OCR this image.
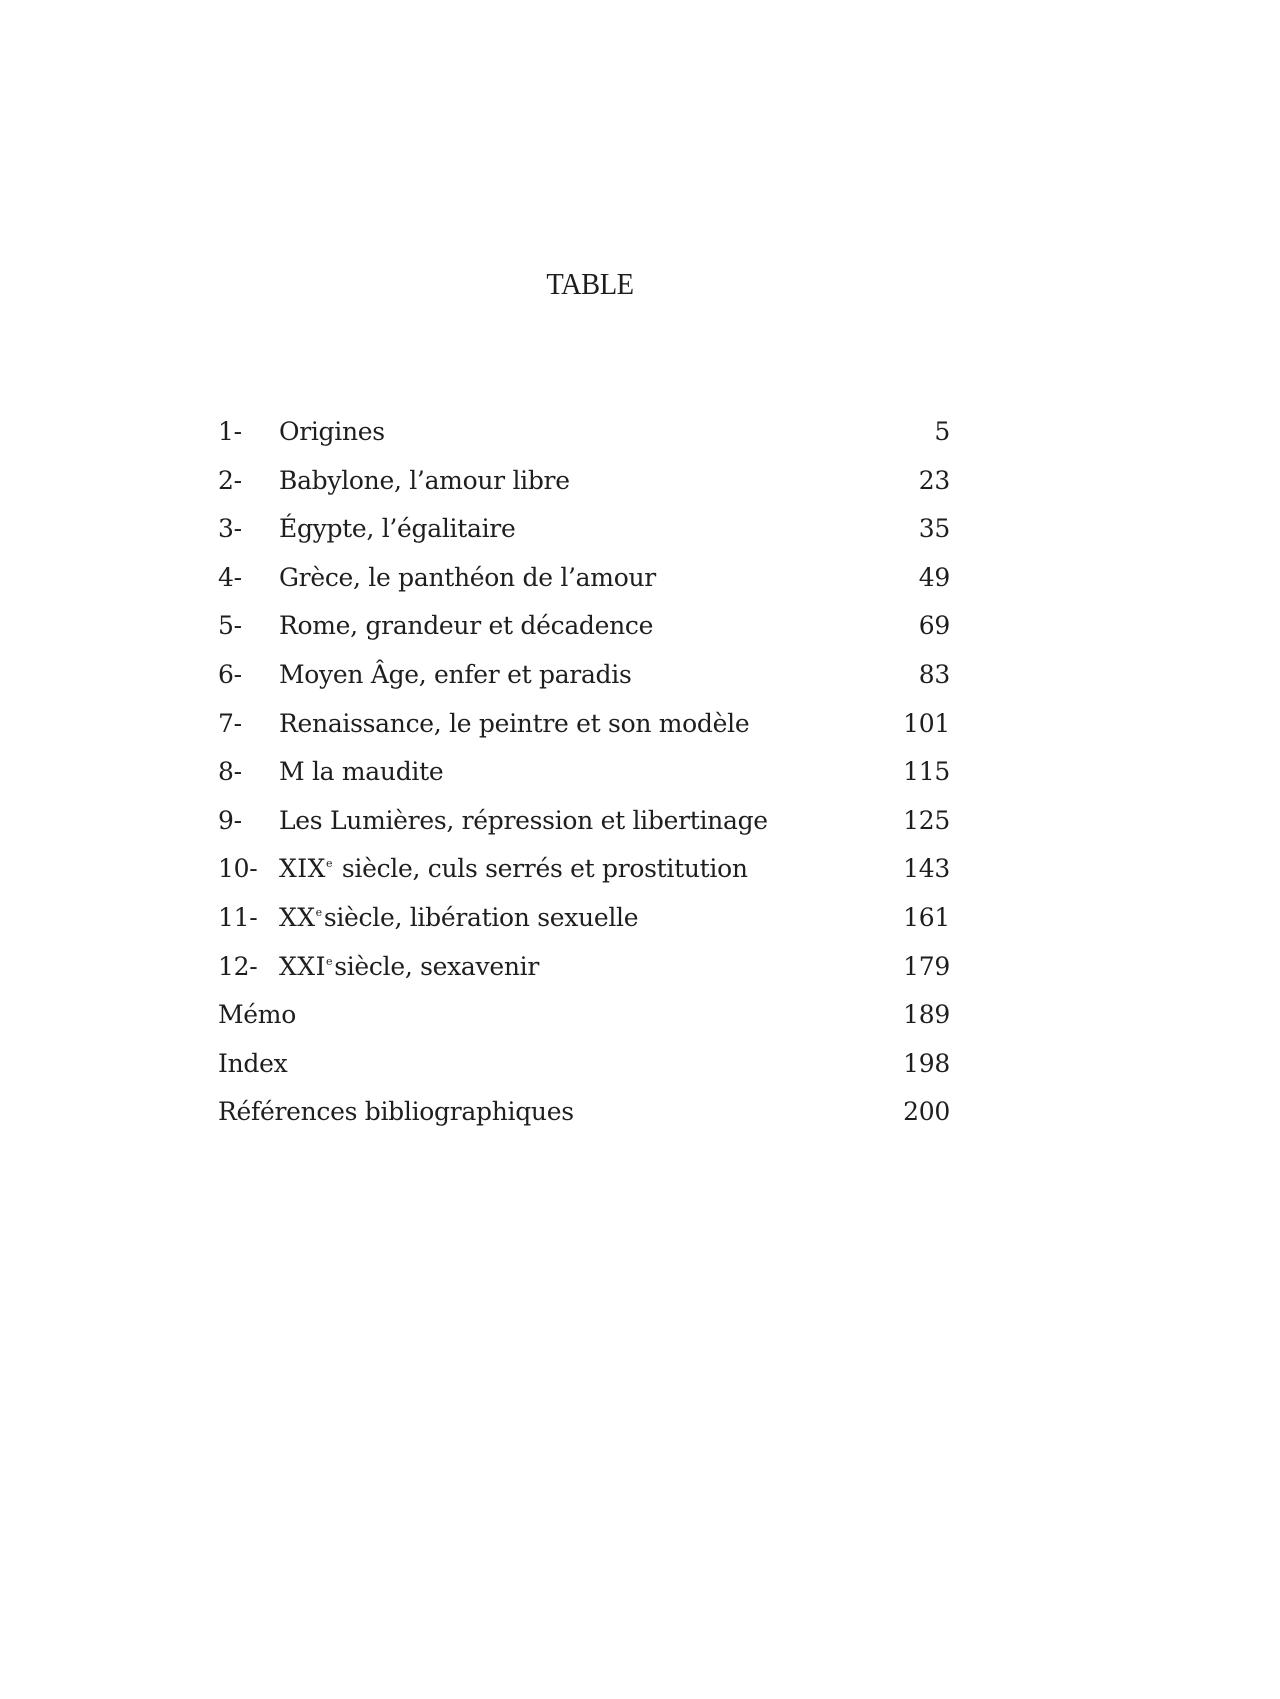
TABLE
1- Origines	5
2- Babylone, l’amour libre	23
3- Égypte, l’égalitaire	35
4- Grèce, le panthéon de l’amour	49
5- Rome, grandeur et décadence	69
6- Moyen Âge, enfer et paradis	83
7- Renaissance, le peintre et son modèle	101
8- M la maudite	115
9- Les Lumières, répression et libertinage	125
10- XIXe siècle, culs serrés et prostitution	143
11- XXesiècle, libération sexuelle	161
12- XXIesiècle, sexavenir	179
Mémo	189
Index	198
Références bibliographiques	200
